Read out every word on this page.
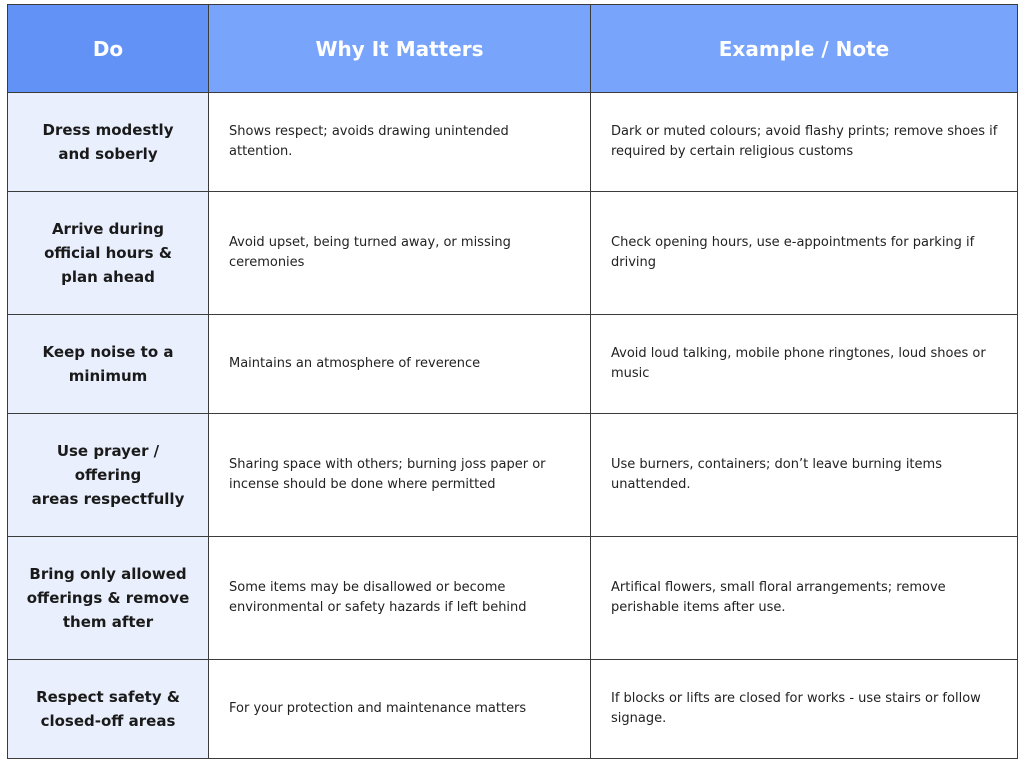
Do	Why It Matters	Example / Note

Dress modestly
and soberly	Shows respect; avoids drawing unintended attention.	Dark or muted colours; avoid flashy prints; remove shoes if required by certain religious customs

Arrive during
official hours &
plan ahead	Avoid upset, being turned away, or missing ceremonies	Check opening hours, use e-appointments for parking if driving

Keep noise to a
minimum	Maintains an atmosphere of reverence	Avoid loud talking, mobile phone ringtones, loud shoes or music

Use prayer /
offering
areas respectfully	Sharing space with others; burning joss paper or incense should be done where permitted	Use burners, containers; don’t leave burning items unattended.

Bring only allowed
offerings & remove
them after	Some items may be disallowed or become environmental or safety hazards if left behind	Artifical flowers, small floral arrangements; remove perishable items after use.

Respect safety &
closed-off areas	For your protection and maintenance matters	If blocks or lifts are closed for works - use stairs or follow signage.
